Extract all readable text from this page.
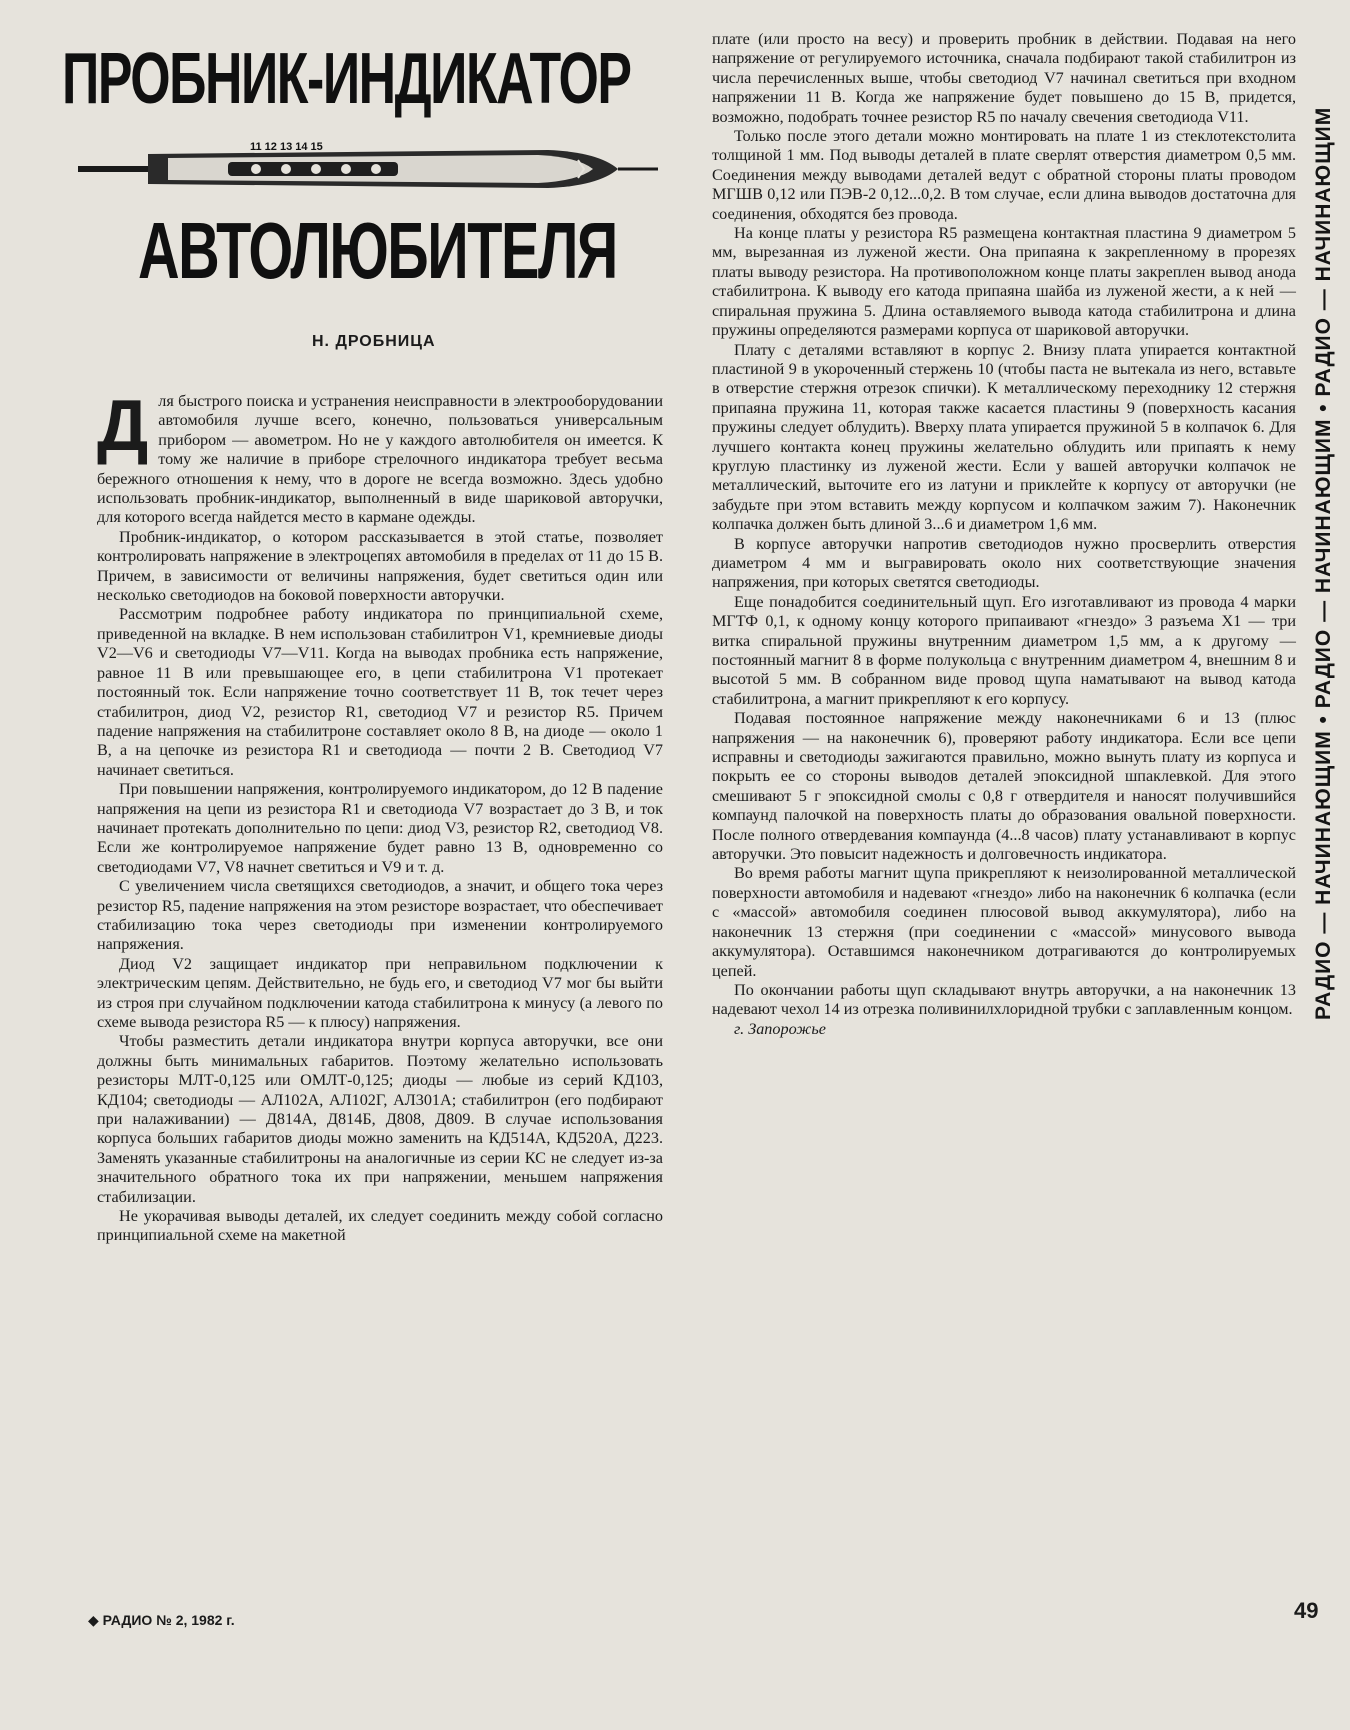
ПРОБНИК-ИНДИКАТОР
11 12 13 14 15
АВТОЛЮБИТЕЛЯ
Н. ДРОБНИЦА

Для быстрого поиска и устранения неисправности в электрооборудовании автомобиля лучше всего, конечно, пользоваться универсальным прибором — авометром. Но не у каждого автолюбителя он имеется. К тому же наличие в приборе стрелочного индикатора требует весьма бережного отношения к нему, что в дороге не всегда возможно. Здесь удобно использовать пробник-индикатор, выполненный в виде шариковой авторучки, для которого всегда найдется место в кармане одежды.

Пробник-индикатор, о котором рассказывается в этой статье, позволяет контролировать напряжение в электроцепях автомобиля в пределах от 11 до 15 В. Причем, в зависимости от величины напряжения, будет светиться один или несколько светодиодов на боковой поверхности авторучки.

Рассмотрим подробнее работу индикатора по принципиальной схеме, приведенной на вкладке. В нем использован стабилитрон V1, кремниевые диоды V2—V6 и светодиоды V7—V11. Когда на выводах пробника есть напряжение, равное 11 В или превышающее его, в цепи стабилитрона V1 протекает постоянный ток. Если напряжение точно соответствует 11 В, ток течет через стабилитрон, диод V2, резистор R1, светодиод V7 и резистор R5. Причем падение напряжения на стабилитроне составляет около 8 В, на диоде — около 1 В, а на цепочке из резистора R1 и светодиода — почти 2 В. Светодиод V7 начинает светиться.

При повышении напряжения, контролируемого индикатором, до 12 В падение напряжения на цепи из резистора R1 и светодиода V7 возрастает до 3 В, и ток начинает протекать дополнительно по цепи: диод V3, резистор R2, светодиод V8. Если же контролируемое напряжение будет равно 13 В, одновременно со светодиодами V7, V8 начнет светиться и V9 и т. д.

С увеличением числа светящихся светодиодов, а значит, и общего тока через резистор R5, падение напряжения на этом резисторе возрастает, что обеспечивает стабилизацию тока через светодиоды при изменении контролируемого напряжения.

Диод V2 защищает индикатор при неправильном подключении к электрическим цепям. Действительно, не будь его, и светодиод V7 мог бы выйти из строя при случайном подключении катода стабилитрона к минусу (а левого по схеме вывода резистора R5 — к плюсу) напряжения.

Чтобы разместить детали индикатора внутри корпуса авторучки, все они должны быть минимальных габаритов. Поэтому желательно использовать резисторы МЛТ-0,125 или ОМЛТ-0,125; диоды — любые из серий КД103, КД104; светодиоды — АЛ102А, АЛ102Г, АЛ301А; стабилитрон (его подбирают при налаживании) — Д814А, Д814Б, Д808, Д809. В случае использования корпуса больших габаритов диоды можно заменить на КД514А, КД520А, Д223. Заменять указанные стабилитроны на аналогичные из серии КС не следует из-за значительного обратного тока их при напряжении, меньшем напряжения стабилизации.

Не укорачивая выводы деталей, их следует соединить между собой согласно принципиальной схеме на макетной

плате (или просто на весу) и проверить пробник в действии. Подавая на него напряжение от регулируемого источника, сначала подбирают такой стабилитрон из числа перечисленных выше, чтобы светодиод V7 начинал светиться при входном напряжении 11 В. Когда же напряжение будет повышено до 15 В, придется, возможно, подобрать точнее резистор R5 по началу свечения светодиода V11.

Только после этого детали можно монтировать на плате 1 из стеклотекстолита толщиной 1 мм. Под выводы деталей в плате сверлят отверстия диаметром 0,5 мм. Соединения между выводами деталей ведут с обратной стороны платы проводом МГШВ 0,12 или ПЭВ-2 0,12...0,2. В том случае, если длина выводов достаточна для соединения, обходятся без провода.

На конце платы у резистора R5 размещена контактная пластина 9 диаметром 5 мм, вырезанная из луженой жести. Она припаяна к закрепленному в прорезях платы выводу резистора. На противоположном конце платы закреплен вывод анода стабилитрона. К выводу его катода припаяна шайба из луженой жести, а к ней — спиральная пружина 5. Длина оставляемого вывода катода стабилитрона и длина пружины определяются размерами корпуса от шариковой авторучки.

Плату с деталями вставляют в корпус 2. Внизу плата упирается контактной пластиной 9 в укороченный стержень 10 (чтобы паста не вытекала из него, вставьте в отверстие стержня отрезок спички). К металлическому переходнику 12 стержня припаяна пружина 11, которая также касается пластины 9 (поверхность касания пружины следует облудить). Вверху плата упирается пружиной 5 в колпачок 6. Для лучшего контакта конец пружины желательно облудить или припаять к нему круглую пластинку из луженой жести. Если у вашей авторучки колпачок не металлический, выточите его из латуни и приклейте к корпусу от авторучки (не забудьте при этом вставить между корпусом и колпачком зажим 7). Наконечник колпачка должен быть длиной 3...6 и диаметром 1,6 мм.

В корпусе авторучки напротив светодиодов нужно просверлить отверстия диаметром 4 мм и выгравировать около них соответствующие значения напряжения, при которых светятся светодиоды.

Еще понадобится соединительный щуп. Его изготавливают из провода 4 марки МГТФ 0,1, к одному концу которого припаивают «гнездо» 3 разъема X1 — три витка спиральной пружины внутренним диаметром 1,5 мм, а к другому — постоянный магнит 8 в форме полукольца с внутренним диаметром 4, внешним 8 и высотой 5 мм. В собранном виде провод щупа наматывают на вывод катода стабилитрона, а магнит прикрепляют к его корпусу.

Подавая постоянное напряжение между наконечниками 6 и 13 (плюс напряжения — на наконечник 6), проверяют работу индикатора. Если все цепи исправны и светодиоды зажигаются правильно, можно вынуть плату из корпуса и покрыть ее со стороны выводов деталей эпоксидной шпаклевкой. Для этого смешивают 5 г эпоксидной смолы с 0,8 г отвердителя и наносят получившийся компаунд палочкой на поверхность платы до образования овальной поверхности. После полного отвердевания компаунда (4...8 часов) плату устанавливают в корпус авторучки. Это повысит надежность и долговечность индикатора.

Во время работы магнит щупа прикрепляют к неизолированной металлической поверхности автомобиля и надевают «гнездо» либо на наконечник 6 колпачка (если с «массой» автомобиля соединен плюсовой вывод аккумулятора), либо на наконечник 13 стержня (при соединении с «массой» минусового вывода аккумулятора). Оставшимся наконечником дотрагиваются до контролируемых цепей.

По окончании работы щуп складывают внутрь авторучки, а на наконечник 13 надевают чехол 14 из отрезка поливинилхлоридной трубки с заплавленным концом.

г. Запорожье

РАДИО — НАЧИНАЮЩИМ • РАДИО — НАЧИНАЮЩИМ • РАДИО — НАЧИНАЮЩИМ
◆ РАДИО № 2, 1982 г.	49
